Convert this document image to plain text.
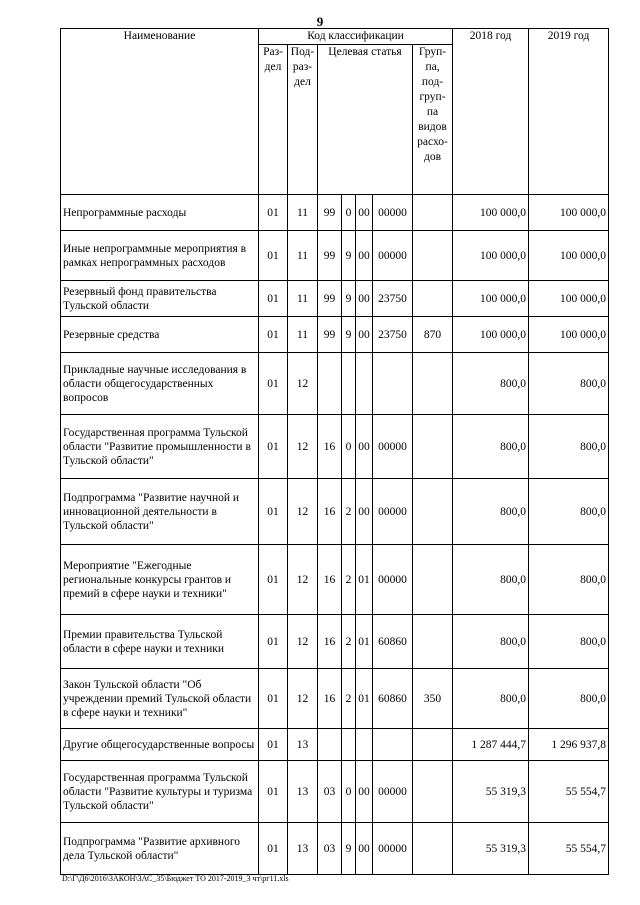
9
Наименование	Код классификации							2018 год	2019 год
	Раз-дел	Под-раз-дел	Целевая статья				Груп-па, под-груп-па видов расхо-дов		
Непрограммные расходы	01	11	99	0	00	00000		100 000,0	100 000,0
Иные непрограммные мероприятия в рамках непрограммных расходов	01	11	99	9	00	00000		100 000,0	100 000,0
Резервный фонд правительства Тульской области	01	11	99	9	00	23750		100 000,0	100 000,0
Резервные средства	01	11	99	9	00	23750	870	100 000,0	100 000,0
Прикладные научные исследования в области общегосударственных вопросов	01	12						800,0	800,0
Государственная программа Тульской области "Развитие промышленности в Тульской области"	01	12	16	0	00	00000		800,0	800,0
Подпрограмма "Развитие научной и инновационной деятельности в Тульской области"	01	12	16	2	00	00000		800,0	800,0
Мероприятие "Ежегодные региональные конкурсы грантов и премий в сфере науки и техники"	01	12	16	2	01	00000		800,0	800,0
Премии правительства Тульской области в сфере науки и техники	01	12	16	2	01	60860		800,0	800,0
Закон Тульской области "Об учреждении премий Тульской области в сфере науки и техники"	01	12	16	2	01	60860	350	800,0	800,0
Другие общегосударственные вопросы	01	13						1 287 444,7	1 296 937,8
Государственная программа Тульской области "Развитие культуры и туризма Тульской области"	01	13	03	0	00	00000		55 319,3	55 554,7
Подпрограмма "Развитие архивного дела Тульской области"	01	13	03	9	00	00000		55 319,3	55 554,7
D:\Г\Д6\2016\ЗАКОН\ЗАС_35\Бюджет ТО 2017-2019_3 чт\рг11.xls
